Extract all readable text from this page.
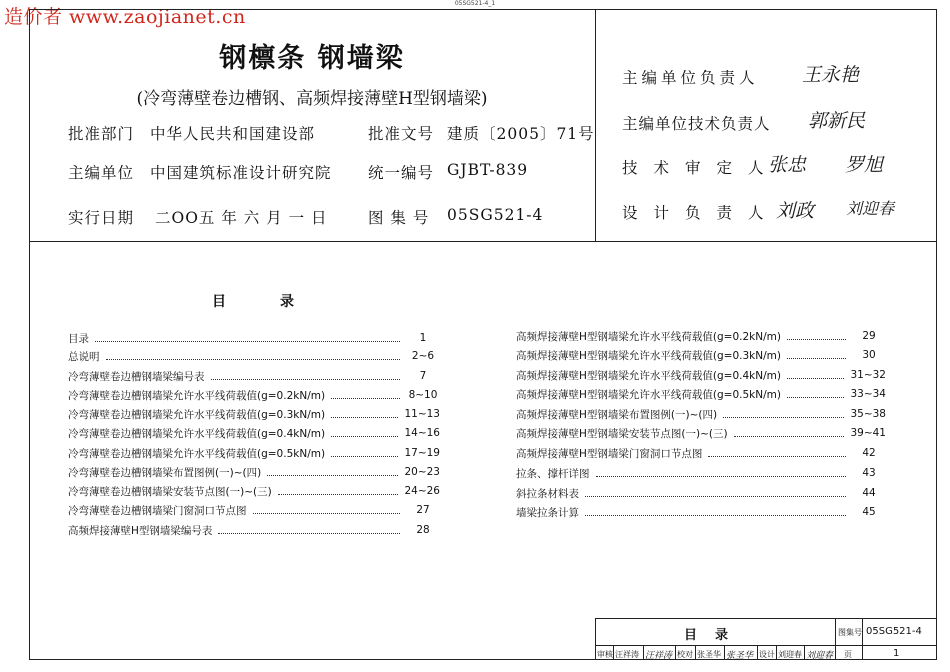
05SG521-4_1
造价者 www.zaojianet.cn
钢檩条 钢墙梁
(冷弯薄壁卷边槽钢、高频焊接薄壁H型钢墙梁)
批准部门 中华人民共和国建设部	批准文号 建质〔2005〕71号
主编单位 中国建筑标准设计研究院 统一编号 GJBT-839
实行日期 二OO五 年 六 月 一 日	图 集 号 05SG521-4
主编单位负责人 王永艳
主编单位技术负责人 郭新民
技术审定人
张忠 罗旭
设计负责人
刘政 刘迎春
目	录
目录	1
总说明	2~6
冷弯薄壁卷边槽钢墙梁编号表	7
冷弯薄壁卷边槽钢墙梁允许水平线荷载值(g=0.2kN/m)	8~10
冷弯薄壁卷边槽钢墙梁允许水平线荷载值(g=0.3kN/m)	11~13
冷弯薄壁卷边槽钢墙梁允许水平线荷载值(g=0.4kN/m)	14~16
冷弯薄壁卷边槽钢墙梁允许水平线荷载值(g=0.5kN/m)	17~19
冷弯薄壁卷边槽钢墙梁布置图例(一)~(四)	20~23
冷弯薄壁卷边槽钢墙梁安装节点图(一)~(三)	24~26
冷弯薄壁卷边槽钢墙梁门窗洞口节点图	27
高频焊接薄壁H型钢墙梁编号表	28
高频焊接薄壁H型钢墙梁允许水平线荷载值(g=0.2kN/m)	29
高频焊接薄壁H型钢墙梁允许水平线荷载值(g=0.3kN/m)	30
高频焊接薄壁H型钢墙梁允许水平线荷载值(g=0.4kN/m)	31~32
高频焊接薄壁H型钢墙梁允许水平线荷载值(g=0.5kN/m)	33~34
高频焊接薄壁H型钢墙梁布置图例(一)~(四)	35~38
高频焊接薄壁H型钢墙梁安装节点图(一)~(三)	39~41
高频焊接薄壁H型钢墙梁门窗洞口节点图	42
拉条、撑杆详图	43
斜拉条材料表	44
墙梁拉条计算	45
目录	图集号 05SG521-4
审核 汪祥涛 汪祥涛 校对 张圣华 张圣华 设计 刘迎春 刘迎春 页	1
